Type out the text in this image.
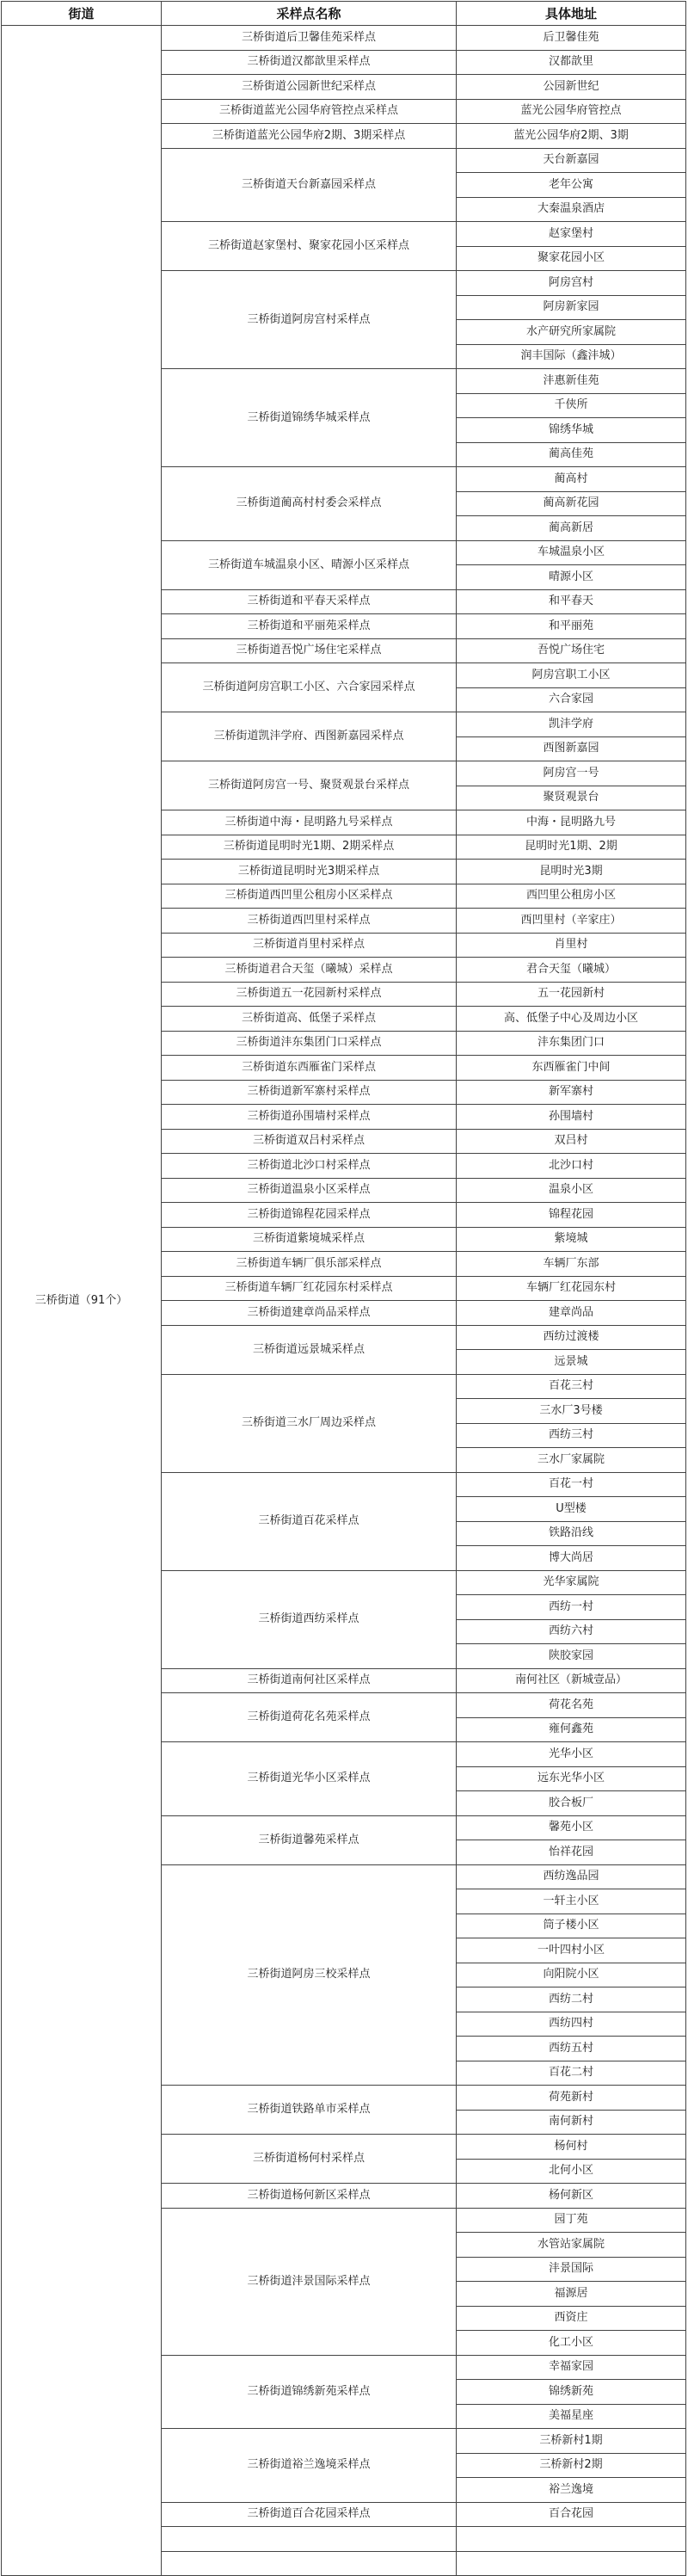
街道	采样点名称	具体地址
三桥街道（91个）	三桥街道后卫馨佳苑采样点	后卫馨佳苑
	三桥街道汉都歆里采样点	汉都歆里
	三桥街道公园新世纪采样点	公园新世纪
	三桥街道蓝光公园华府管控点采样点	蓝光公园华府管控点
	三桥街道蓝光公园华府2期、3期采样点	蓝光公园华府2期、3期
	三桥街道天台新嘉园采样点	天台新嘉园
		老年公寓
		大秦温泉酒店
	三桥街道赵家堡村、聚家花园小区采样点	赵家堡村
		聚家花园小区
	三桥街道阿房宫村采样点	阿房宫村
		阿房新家园
		水产研究所家属院
		润丰国际（鑫沣城）
	三桥街道锦绣华城采样点	沣惠新佳苑
		千侠所
		锦绣华城
		蔺高佳苑
	三桥街道蔺高村村委会采样点	蔺高村
		蔺高新花园
		蔺高新居
	三桥街道车城温泉小区、晴源小区采样点	车城温泉小区
		晴源小区
	三桥街道和平春天采样点	和平春天
	三桥街道和平丽苑采样点	和平丽苑
	三桥街道吾悦广场住宅采样点	吾悦广场住宅
	三桥街道阿房宫职工小区、六合家园采样点	阿房宫职工小区
		六合家园
	三桥街道凯沣学府、西图新嘉园采样点	凯沣学府
		西图新嘉园
	三桥街道阿房宫一号、聚贤观景台采样点	阿房宫一号
		聚贤观景台
	三桥街道中海・昆明路九号采样点	中海・昆明路九号
	三桥街道昆明时光1期、2期采样点	昆明时光1期、2期
	三桥街道昆明时光3期采样点	昆明时光3期
	三桥街道西凹里公租房小区采样点	西凹里公租房小区
	三桥街道西凹里村采样点	西凹里村（辛家庄）
	三桥街道肖里村采样点	肖里村
	三桥街道君合天玺（曦城）采样点	君合天玺（曦城）
	三桥街道五一花园新村采样点	五一花园新村
	三桥街道高、低堡子采样点	高、低堡子中心及周边小区
	三桥街道沣东集团门口采样点	沣东集团门口
	三桥街道东西雁雀门采样点	东西雁雀门中间
	三桥街道新军寨村采样点	新军寨村
	三桥街道孙围墙村采样点	孙围墙村
	三桥街道双吕村采样点	双吕村
	三桥街道北沙口村采样点	北沙口村
	三桥街道温泉小区采样点	温泉小区
	三桥街道锦程花园采样点	锦程花园
	三桥街道紫境城采样点	紫境城
	三桥街道车辆厂俱乐部采样点	车辆厂东部
	三桥街道车辆厂红花园东村采样点	车辆厂红花园东村
	三桥街道建章尚品采样点	建章尚品
	三桥街道远景城采样点	西纺过渡楼
		远景城
	三桥街道三水厂周边采样点	百花三村
		三水厂3号楼
		西纺三村
		三水厂家属院
	三桥街道百花采样点	百花一村
		U型楼
		铁路沿线
		博大尚居
	三桥街道西纺采样点	光华家属院
		西纺一村
		西纺六村
		陕胶家园
	三桥街道南何社区采样点	南何社区（新城壹品）
	三桥街道荷花名苑采样点	荷花名苑
		雍何鑫苑
	三桥街道光华小区采样点	光华小区
		远东光华小区
		胶合板厂
	三桥街道馨苑采样点	馨苑小区
		怡祥花园
	三桥街道阿房三校采样点	西纺逸品园
		一轩主小区
		筒子楼小区
		一叶四村小区
		向阳院小区
		西纺二村
		西纺四村
		西纺五村
		百花二村
	三桥街道铁路单市采样点	荷苑新村
		南何新村
	三桥街道杨何村采样点	杨何村
		北何小区
	三桥街道杨何新区采样点	杨何新区
	三桥街道沣景国际采样点	园丁苑
		水管站家属院
		沣景国际
		福源居
		西资庄
		化工小区
	三桥街道锦绣新苑采样点	幸福家园
		锦绣新苑
		美福星座
	三桥街道裕兰逸境采样点	三桥新村1期
		三桥新村2期
		裕兰逸境
	三桥街道百合花园采样点	百合花园
